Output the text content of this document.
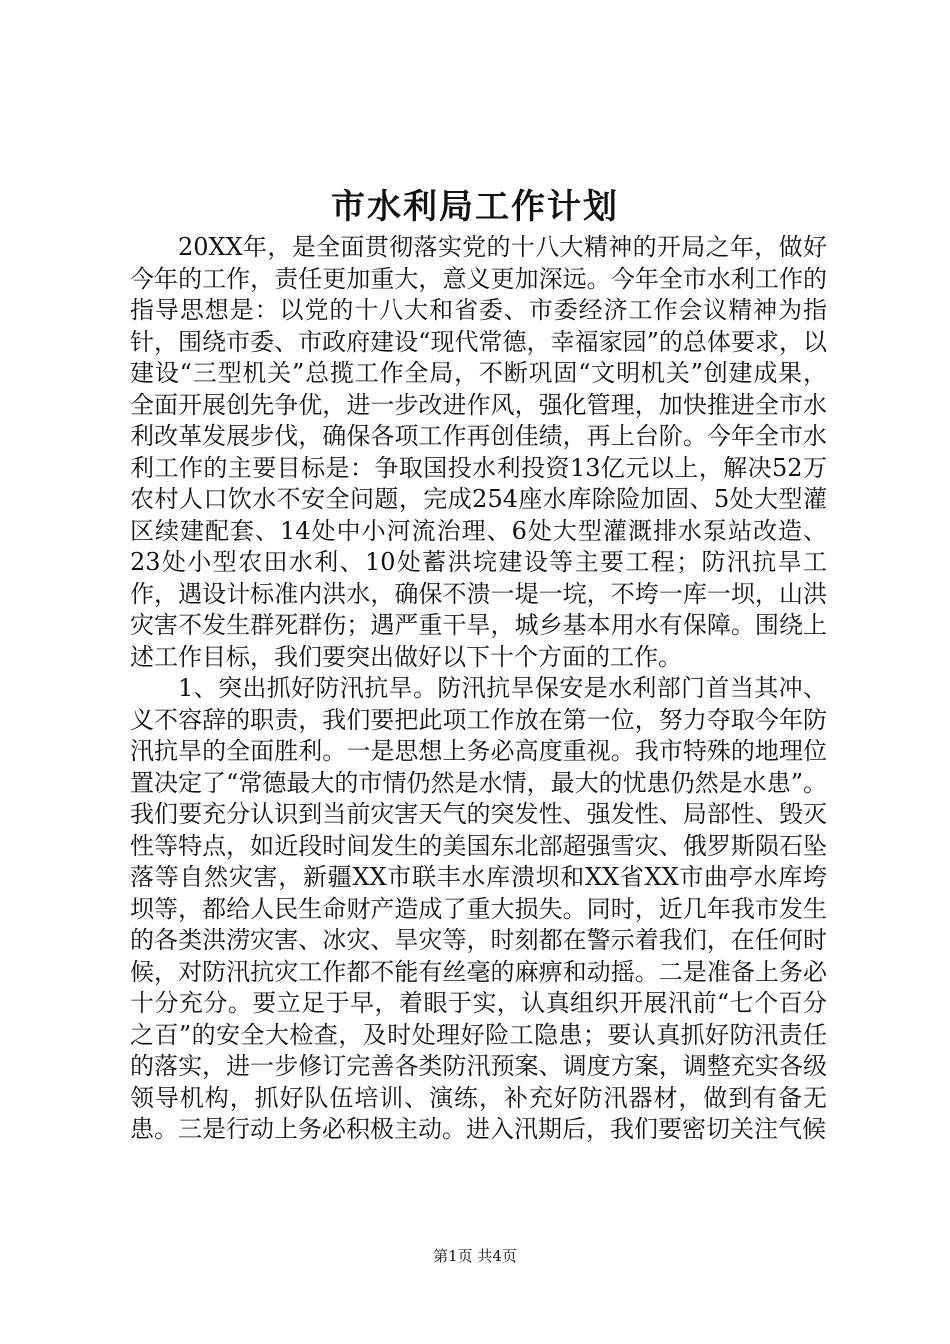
市水利局工作计划

20XX年，是全面贯彻落实党的十八大精神的开局之年，做好今年的工作，责任更加重大，意义更加深远。今年全市水利工作的指导思想是：以党的十八大和省委、市委经济工作会议精神为指针，围绕市委、市政府建设“现代常德，幸福家园”的总体要求，以建设“三型机关”总揽工作全局，不断巩固“文明机关”创建成果，全面开展创先争优，进一步改进作风，强化管理，加快推进全市水利改革发展步伐，确保各项工作再创佳绩，再上台阶。今年全市水利工作的主要目标是：争取国投水利投资13亿元以上，解决52万农村人口饮水不安全问题，完成254座水库除险加固、5处大型灌区续建配套、14处中小河流治理、6处大型灌溉排水泵站改造、23处小型农田水利、10处蓄洪垸建设等主要工程；防汛抗旱工作，遇设计标准内洪水，确保不溃一堤一垸，不垮一库一坝，山洪灾害不发生群死群伤；遇严重干旱，城乡基本用水有保障。围绕上述工作目标，我们要突出做好以下十个方面的工作。

1、突出抓好防汛抗旱。防汛抗旱保安是水利部门首当其冲、义不容辞的职责，我们要把此项工作放在第一位，努力夺取今年防汛抗旱的全面胜利。一是思想上务必高度重视。我市特殊的地理位置决定了“常德最大的市情仍然是水情，最大的忧患仍然是水患”。我们要充分认识到当前灾害天气的突发性、强发性、局部性、毁灭性等特点，如近段时间发生的美国东北部超强雪灾、俄罗斯陨石坠落等自然灾害，新疆XX市联丰水库溃坝和XX省XX市曲亭水库垮坝等，都给人民生命财产造成了重大损失。同时，近几年我市发生的各类洪涝灾害、冰灾、旱灾等，时刻都在警示着我们，在任何时候，对防汛抗灾工作都不能有丝毫的麻痹和动摇。二是准备上务必十分充分。要立足于早，着眼于实，认真组织开展汛前“七个百分之百”的安全大检查，及时处理好险工隐患；要认真抓好防汛责任的落实，进一步修订完善各类防汛预案、调度方案，调整充实各级领导机构，抓好队伍培训、演练，补充好防汛器材，做到有备无患。三是行动上务必积极主动。进入汛期后，我们要密切关注气候

第1页 共4页
